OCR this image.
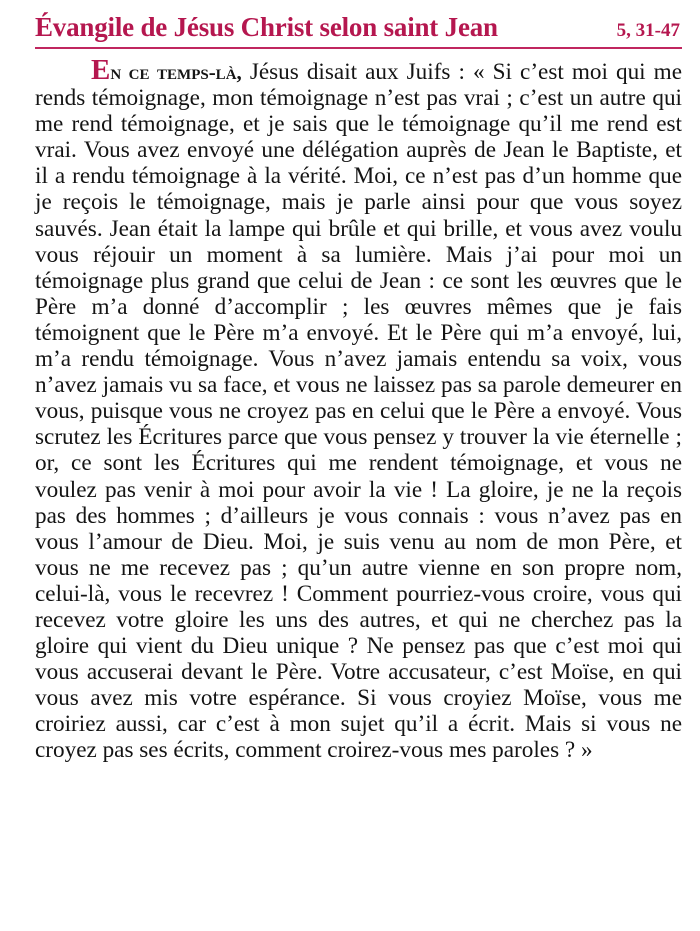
Évangile de Jésus Christ selon saint Jean	5, 31-47

En ce temps-là, Jésus disait aux Juifs : « Si c’est moi qui me rends témoignage, mon témoignage n’est pas vrai ; c’est un autre qui me rend témoignage, et je sais que le témoignage qu’il me rend est vrai. Vous avez envoyé une délégation auprès de Jean le Baptiste, et il a rendu témoignage à la vérité. Moi, ce n’est pas d’un homme que je reçois le témoignage, mais je parle ainsi pour que vous soyez sauvés. Jean était la lampe qui brûle et qui brille, et vous avez voulu vous réjouir un moment à sa lumière. Mais j’ai pour moi un témoignage plus grand que celui de Jean : ce sont les œuvres que le Père m’a donné d’accomplir ; les œuvres mêmes que je fais témoignent que le Père m’a envoyé. Et le Père qui m’a envoyé, lui, m’a rendu témoignage. Vous n’avez jamais entendu sa voix, vous n’avez jamais vu sa face, et vous ne laissez pas sa parole demeurer en vous, puisque vous ne croyez pas en celui que le Père a envoyé. Vous scrutez les Écritures parce que vous pensez y trouver la vie éternelle ; or, ce sont les Écritures qui me rendent témoignage, et vous ne voulez pas venir à moi pour avoir la vie ! La gloire, je ne la reçois pas des hommes ; d’ailleurs je vous connais : vous n’avez pas en vous l’amour de Dieu. Moi, je suis venu au nom de mon Père, et vous ne me recevez pas ; qu’un autre vienne en son propre nom, celui-là, vous le recevrez ! Comment pourriez-vous croire, vous qui recevez votre gloire les uns des autres, et qui ne cherchez pas la gloire qui vient du Dieu unique ? Ne pensez pas que c’est moi qui vous accuserai devant le Père. Votre accusateur, c’est Moïse, en qui vous avez mis votre espérance. Si vous croyiez Moïse, vous me croiriez aussi, car c’est à mon sujet qu’il a écrit. Mais si vous ne croyez pas ses écrits, comment croirez-vous mes paroles ? »
